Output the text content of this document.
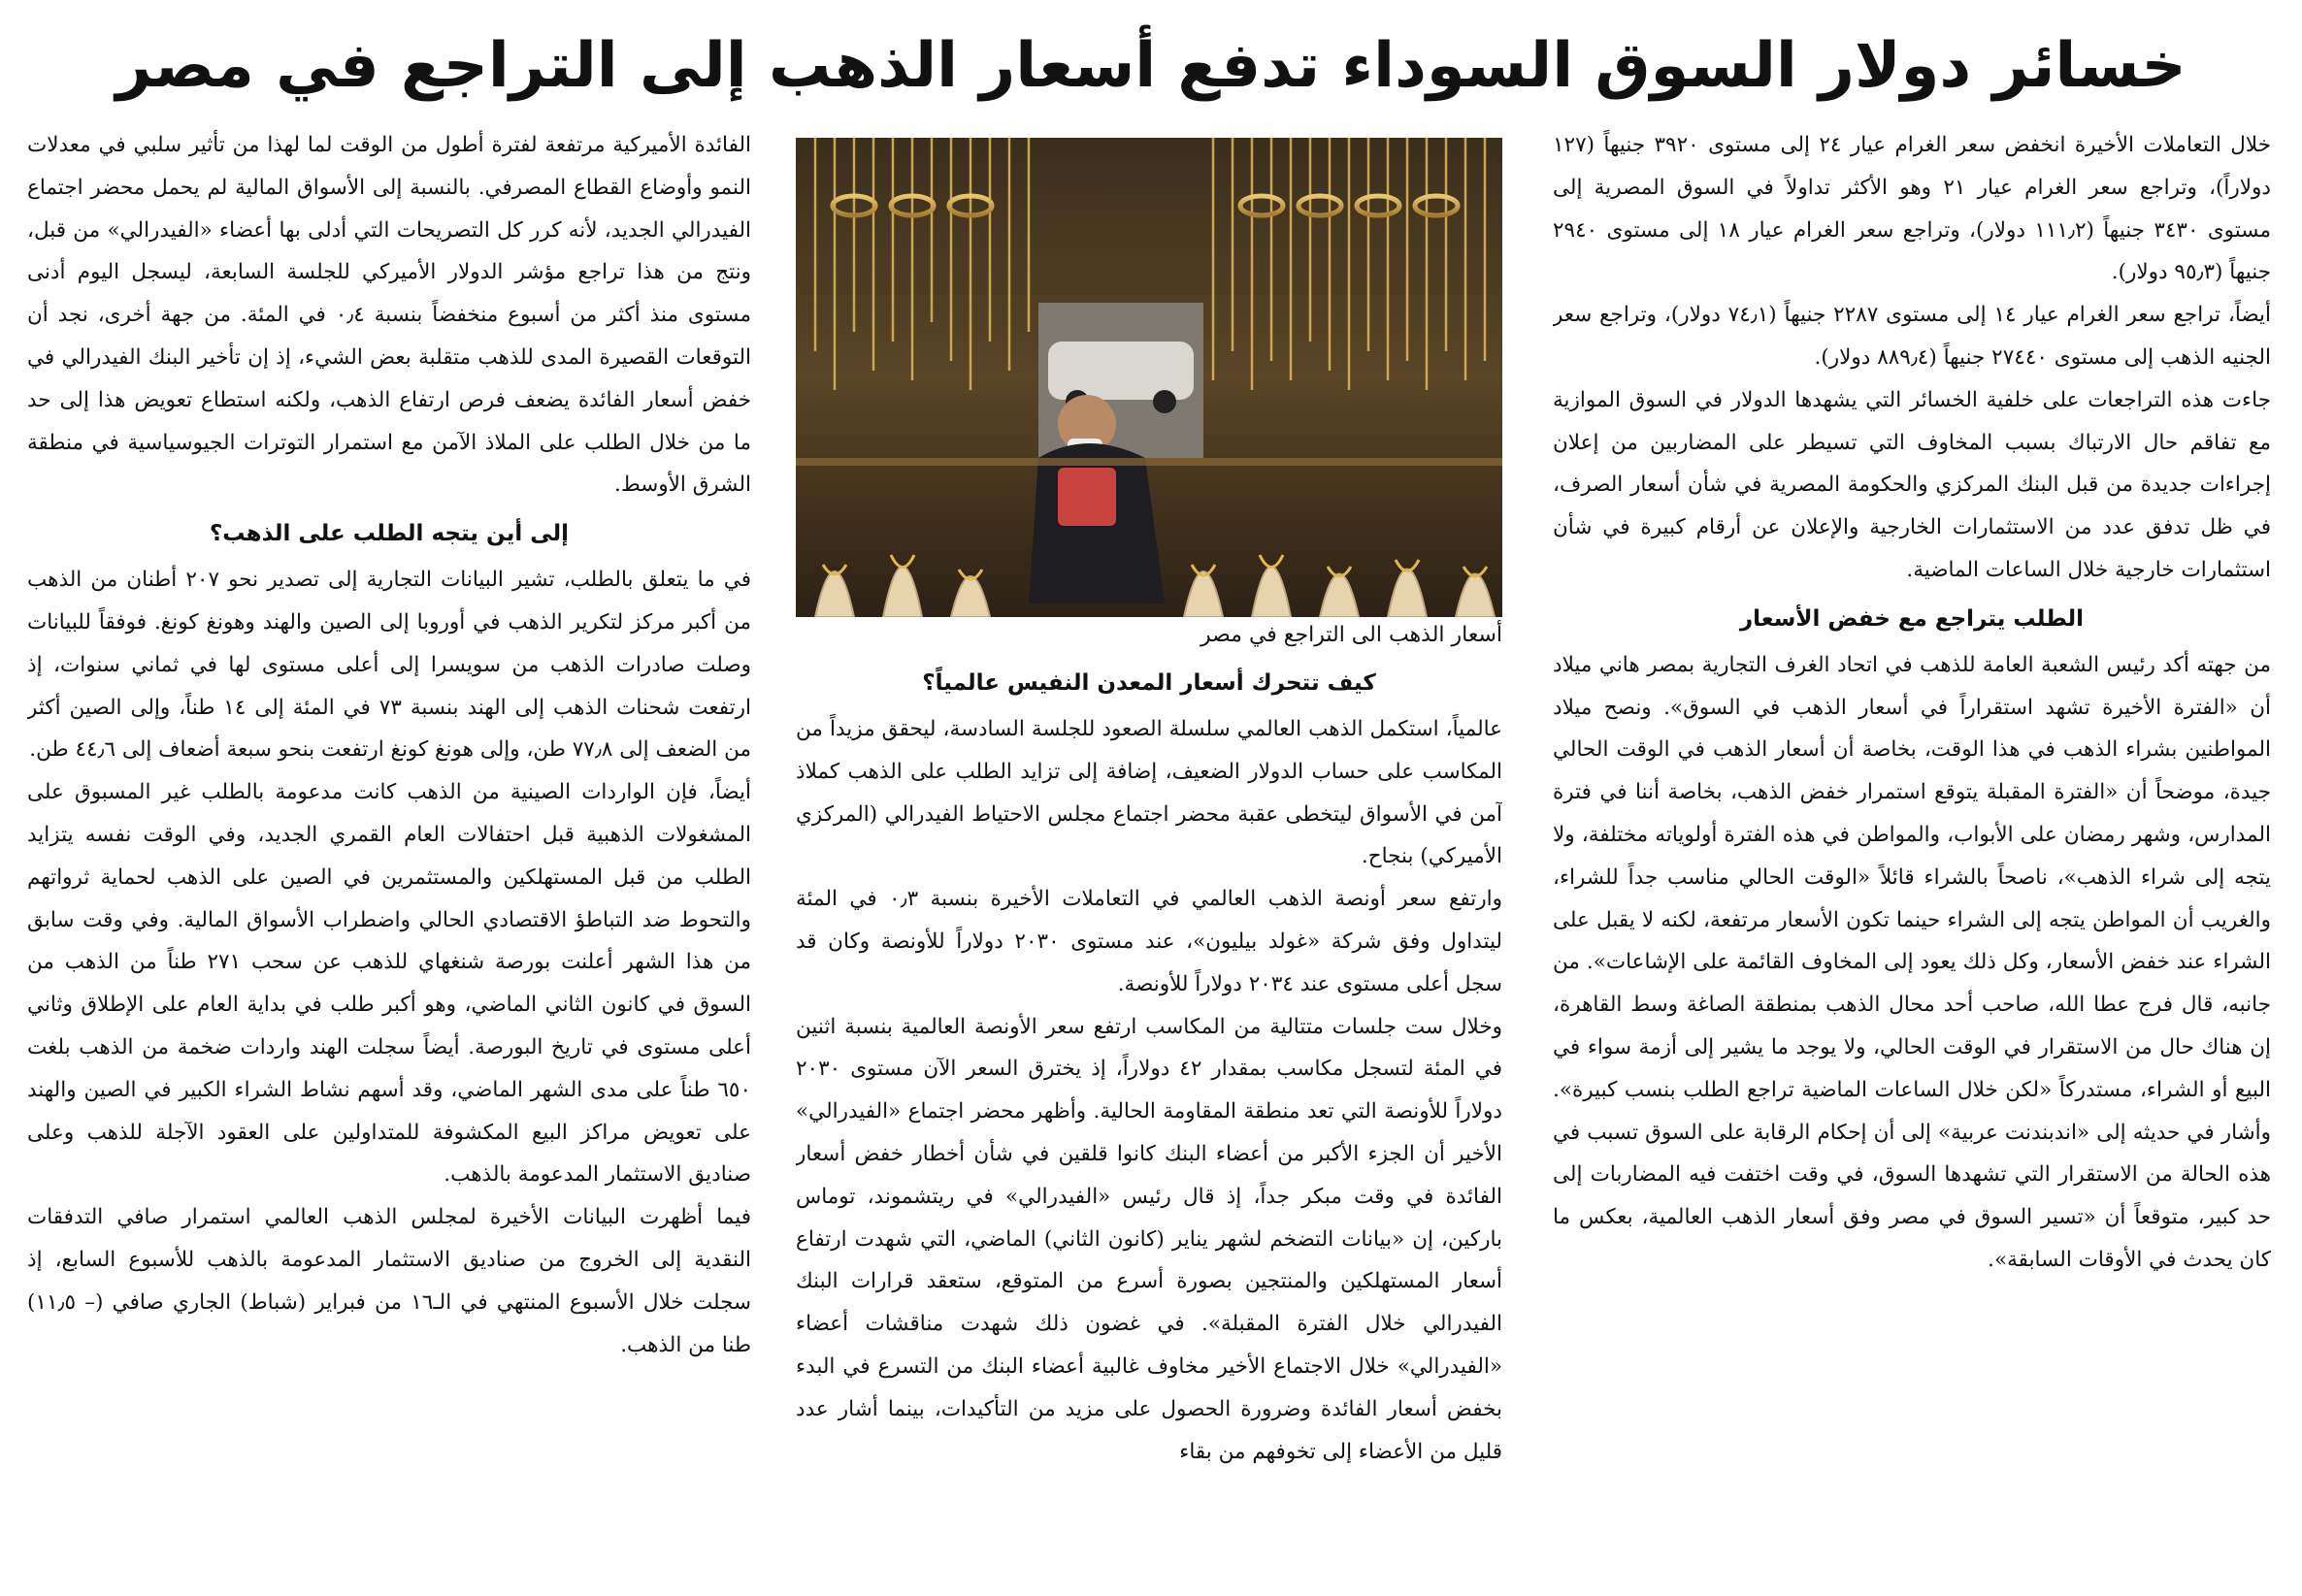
خسائر دولار السوق السوداء تدفع أسعار الذهب إلى التراجع في مصر

خلال التعاملات الأخيرة انخفض سعر الغرام عيار ٢٤ إلى مستوى ٣٩٢٠ جنيهاً (١٢٧ دولاراً)، وتراجع سعر الغرام عيار ٢١ وهو الأكثر تداولاً في السوق المصرية إلى مستوى ٣٤٣٠ جنيهاً (١١١٫٢ دولار)، وتراجع سعر الغرام عيار ١٨ إلى مستوى ٢٩٤٠ جنيهاً (٩٥٫٣ دولار).

أيضاً، تراجع سعر الغرام عيار ١٤ إلى مستوى ٢٢٨٧ جنيهاً (٧٤٫١ دولار)، وتراجع سعر الجنيه الذهب إلى مستوى ٢٧٤٤٠ جنيهاً (٨٨٩٫٤ دولار).

جاءت هذه التراجعات على خلفية الخسائر التي يشهدها الدولار في السوق الموازية مع تفاقم حال الارتباك بسبب المخاوف التي تسيطر على المضاربين من إعلان إجراءات جديدة من قبل البنك المركزي والحكومة المصرية في شأن أسعار الصرف، في ظل تدفق عدد من الاستثمارات الخارجية والإعلان عن أرقام كبيرة في شأن استثمارات خارجية خلال الساعات الماضية.

الطلب يتراجع مع خفض الأسعار

من جهته أكد رئيس الشعبة العامة للذهب في اتحاد الغرف التجارية بمصر هاني ميلاد أن «الفترة الأخيرة تشهد استقراراً في أسعار الذهب في السوق». ونصح ميلاد المواطنين بشراء الذهب في هذا الوقت، بخاصة أن أسعار الذهب في الوقت الحالي جيدة، موضحاً أن «الفترة المقبلة يتوقع استمرار خفض الذهب، بخاصة أننا في فترة المدارس، وشهر رمضان على الأبواب، والمواطن في هذه الفترة أولوياته مختلفة، ولا يتجه إلى شراء الذهب»، ناصحاً بالشراء قائلاً «الوقت الحالي مناسب جداً للشراء، والغريب أن المواطن يتجه إلى الشراء حينما تكون الأسعار مرتفعة، لكنه لا يقبل على الشراء عند خفض الأسعار، وكل ذلك يعود إلى المخاوف القائمة على الإشاعات». من جانبه، قال فرج عطا الله، صاحب أحد محال الذهب بمنطقة الصاغة وسط القاهرة، إن هناك حال من الاستقرار في الوقت الحالي، ولا يوجد ما يشير إلى أزمة سواء في البيع أو الشراء، مستدركاً «لكن خلال الساعات الماضية تراجع الطلب بنسب كبيرة». وأشار في حديثه إلى «اندبندنت عربية» إلى أن إحكام الرقابة على السوق تسبب في هذه الحالة من الاستقرار التي تشهدها السوق، في وقت اختفت فيه المضاربات إلى حد كبير، متوقعاً أن «تسير السوق في مصر وفق أسعار الذهب العالمية، بعكس ما كان يحدث في الأوقات السابقة».

أسعار الذهب الى التراجع في مصر
كيف تتحرك أسعار المعدن النفيس عالمياً؟

عالمياً، استكمل الذهب العالمي سلسلة الصعود للجلسة السادسة، ليحقق مزيداً من المكاسب على حساب الدولار الضعيف، إضافة إلى تزايد الطلب على الذهب كملاذ آمن في الأسواق ليتخطى عقبة محضر اجتماع مجلس الاحتياط الفيدرالي (المركزي الأميركي) بنجاح.

وارتفع سعر أونصة الذهب العالمي في التعاملات الأخيرة بنسبة ٠٫٣ في المئة ليتداول وفق شركة «غولد بيليون»، عند مستوى ٢٠٣٠ دولاراً للأونصة وكان قد سجل أعلى مستوى عند ٢٠٣٤ دولاراً للأونصة.

وخلال ست جلسات متتالية من المكاسب ارتفع سعر الأونصة العالمية بنسبة اثنين في المئة لتسجل مكاسب بمقدار ٤٢ دولاراً، إذ يخترق السعر الآن مستوى ٢٠٣٠ دولاراً للأونصة التي تعد منطقة المقاومة الحالية. وأظهر محضر اجتماع «الفيدرالي» الأخير أن الجزء الأكبر من أعضاء البنك كانوا قلقين في شأن أخطار خفض أسعار الفائدة في وقت مبكر جداً، إذ قال رئيس «الفيدرالي» في ريتشموند، توماس باركين، إن «بيانات التضخم لشهر يناير (كانون الثاني) الماضي، التي شهدت ارتفاع أسعار المستهلكين والمنتجين بصورة أسرع من المتوقع، ستعقد قرارات البنك الفيدرالي خلال الفترة المقبلة». في غضون ذلك شهدت مناقشات أعضاء «الفيدرالي» خلال الاجتماع الأخير مخاوف غالبية أعضاء البنك من التسرع في البدء بخفض أسعار الفائدة وضرورة الحصول على مزيد من التأكيدات، بينما أشار عدد قليل من الأعضاء إلى تخوفهم من بقاء

الفائدة الأميركية مرتفعة لفترة أطول من الوقت لما لهذا من تأثير سلبي في معدلات النمو وأوضاع القطاع المصرفي. بالنسبة إلى الأسواق المالية لم يحمل محضر اجتماع الفيدرالي الجديد، لأنه كرر كل التصريحات التي أدلى بها أعضاء «الفيدرالي» من قبل، ونتج من هذا تراجع مؤشر الدولار الأميركي للجلسة السابعة، ليسجل اليوم أدنى مستوى منذ أكثر من أسبوع منخفضاً بنسبة ٠٫٤ في المئة. من جهة أخرى، نجد أن التوقعات القصيرة المدى للذهب متقلبة بعض الشيء، إذ إن تأخير البنك الفيدرالي في خفض أسعار الفائدة يضعف فرص ارتفاع الذهب، ولكنه استطاع تعويض هذا إلى حد ما من خلال الطلب على الملاذ الآمن مع استمرار التوترات الجيوسياسية في منطقة الشرق الأوسط.

إلى أين يتجه الطلب على الذهب؟

في ما يتعلق بالطلب، تشير البيانات التجارية إلى تصدير نحو ٢٠٧ أطنان من الذهب من أكبر مركز لتكرير الذهب في أوروبا إلى الصين والهند وهونغ كونغ. فوفقاً للبيانات وصلت صادرات الذهب من سويسرا إلى أعلى مستوى لها في ثماني سنوات، إذ ارتفعت شحنات الذهب إلى الهند بنسبة ٧٣ في المئة إلى ١٤ طناً، وإلى الصين أكثر من الضعف إلى ٧٧٫٨ طن، وإلى هونغ كونغ ارتفعت بنحو سبعة أضعاف إلى ٤٤٫٦ طن.

أيضاً، فإن الواردات الصينية من الذهب كانت مدعومة بالطلب غير المسبوق على المشغولات الذهبية قبل احتفالات العام القمري الجديد، وفي الوقت نفسه يتزايد الطلب من قبل المستهلكين والمستثمرين في الصين على الذهب لحماية ثرواتهم والتحوط ضد التباطؤ الاقتصادي الحالي واضطراب الأسواق المالية. وفي وقت سابق من هذا الشهر أعلنت بورصة شنغهاي للذهب عن سحب ٢٧١ طناً من الذهب من السوق في كانون الثاني الماضي، وهو أكبر طلب في بداية العام على الإطلاق وثاني أعلى مستوى في تاريخ البورصة. أيضاً سجلت الهند واردات ضخمة من الذهب بلغت ٦٥٠ طناً على مدى الشهر الماضي، وقد أسهم نشاط الشراء الكبير في الصين والهند على تعويض مراكز البيع المكشوفة للمتداولين على العقود الآجلة للذهب وعلى صناديق الاستثمار المدعومة بالذهب.

فيما أظهرت البيانات الأخيرة لمجلس الذهب العالمي استمرار صافي التدفقات النقدية إلى الخروج من صناديق الاستثمار المدعومة بالذهب للأسبوع السابع، إذ سجلت خلال الأسبوع المنتهي في الـ١٦ من فبراير (شباط) الجاري صافي (– ١١٫٥) طنا من الذهب.
